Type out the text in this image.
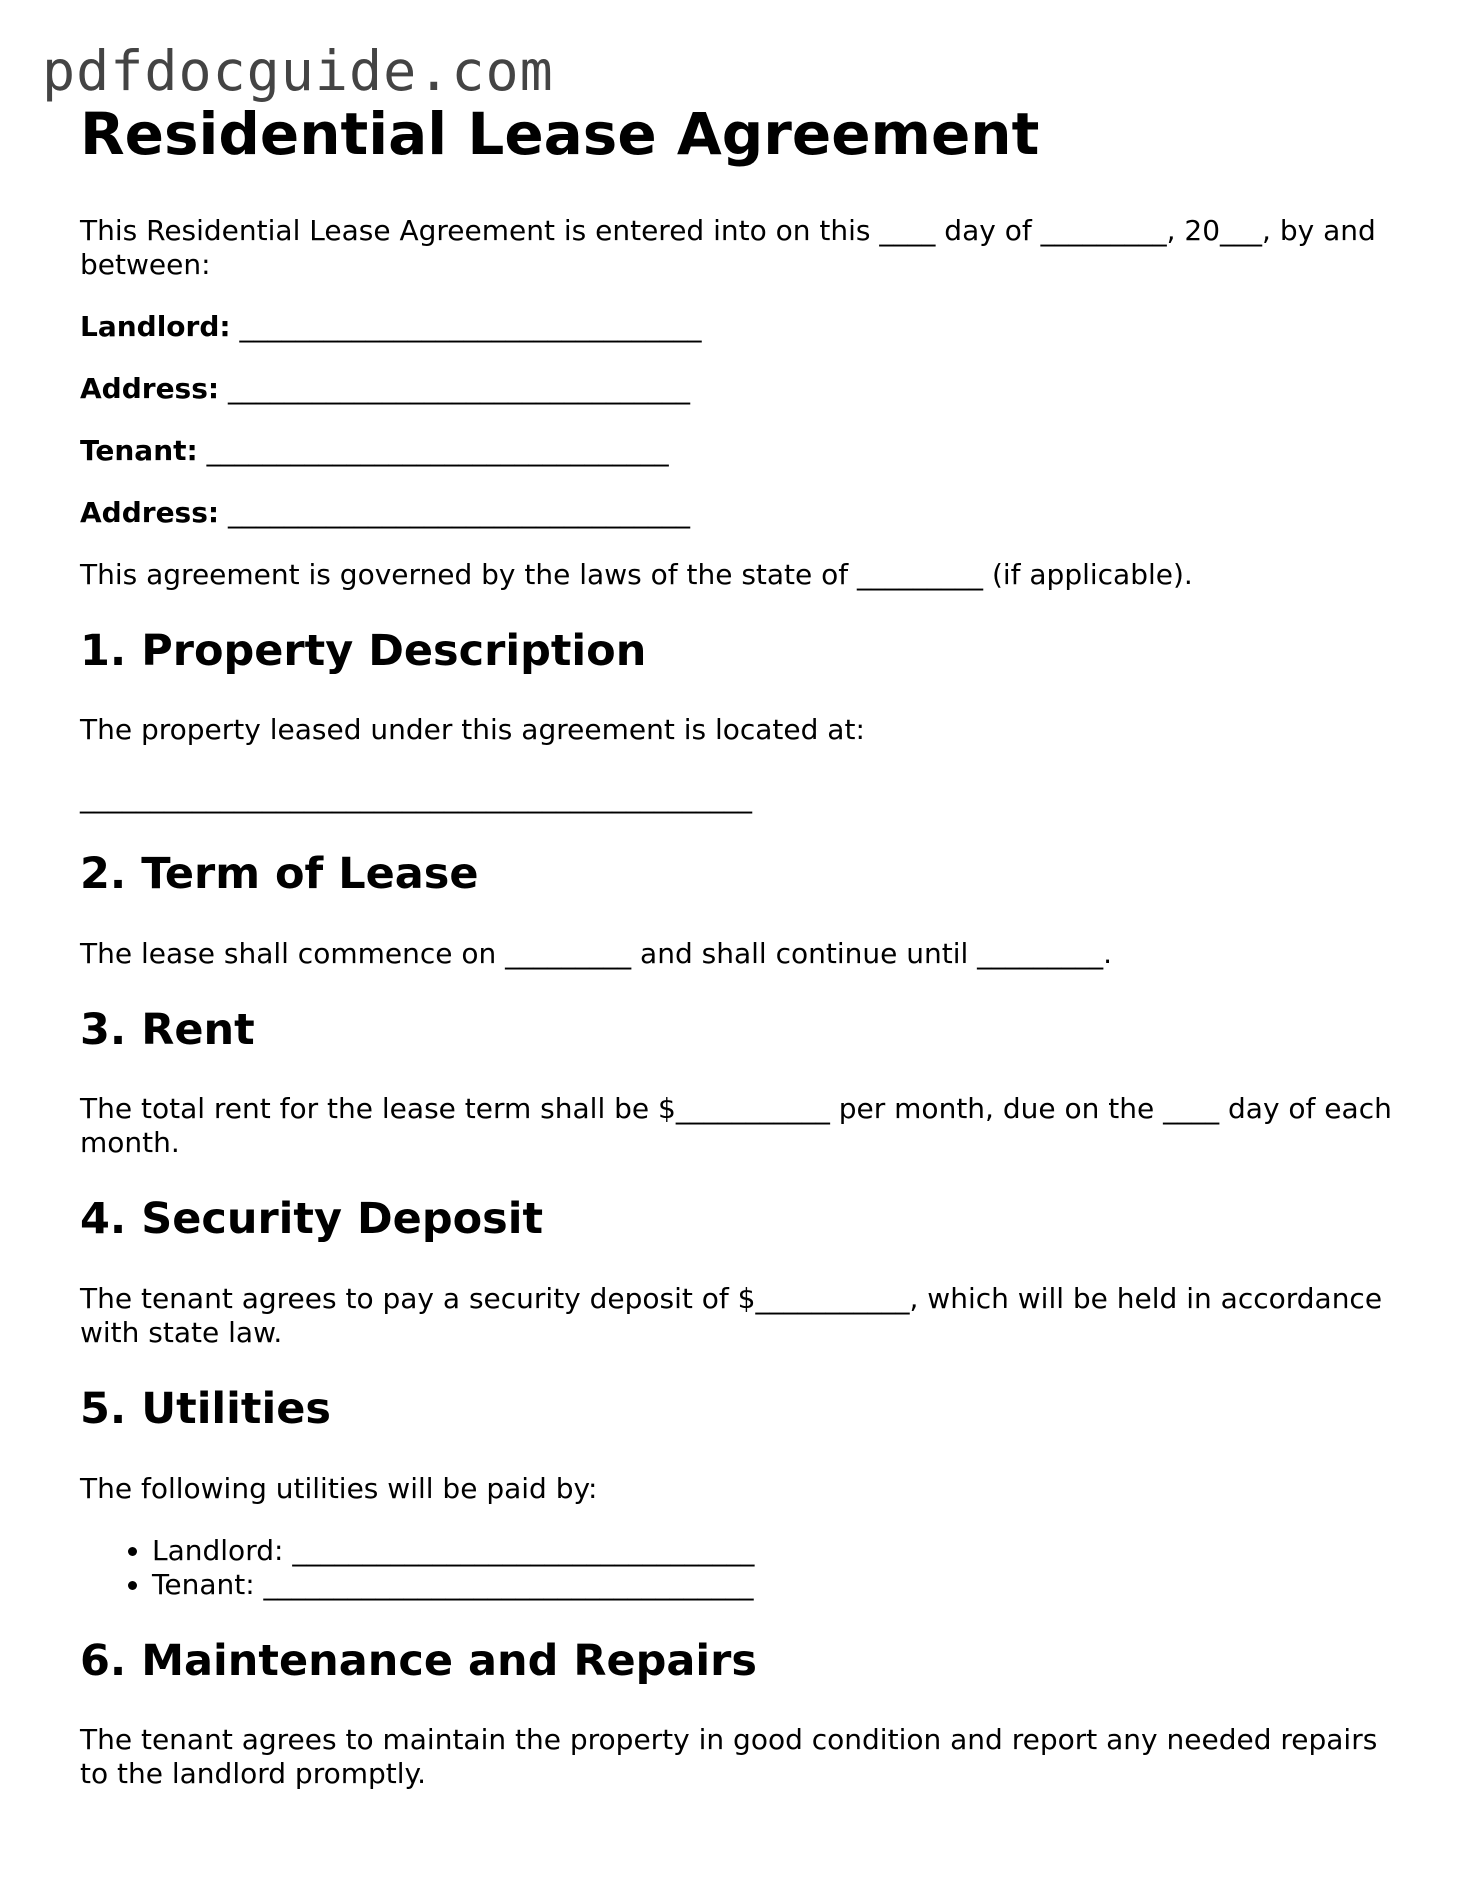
pdfdocguide.com
Residential Lease Agreement

This Residential Lease Agreement is entered into on this ____ day of _________, 20___, by and between:

Landlord: _________________________________

Address: _________________________________

Tenant: _________________________________

Address: _________________________________

This agreement is governed by the laws of the state of _________ (if applicable).

1. Property Description

The property leased under this agreement is located at:

________________________________________________

2. Term of Lease

The lease shall commence on _________ and shall continue until _________.

3. Rent

The total rent for the lease term shall be $___________ per month, due on the ____ day of each month.

4. Security Deposit

The tenant agrees to pay a security deposit of $___________, which will be held in accordance with state law.

5. Utilities

The following utilities will be paid by:

• Landlord: _________________________________
• Tenant: ___________________________________
6. Maintenance and Repairs

The tenant agrees to maintain the property in good condition and report any needed repairs to the landlord promptly.
